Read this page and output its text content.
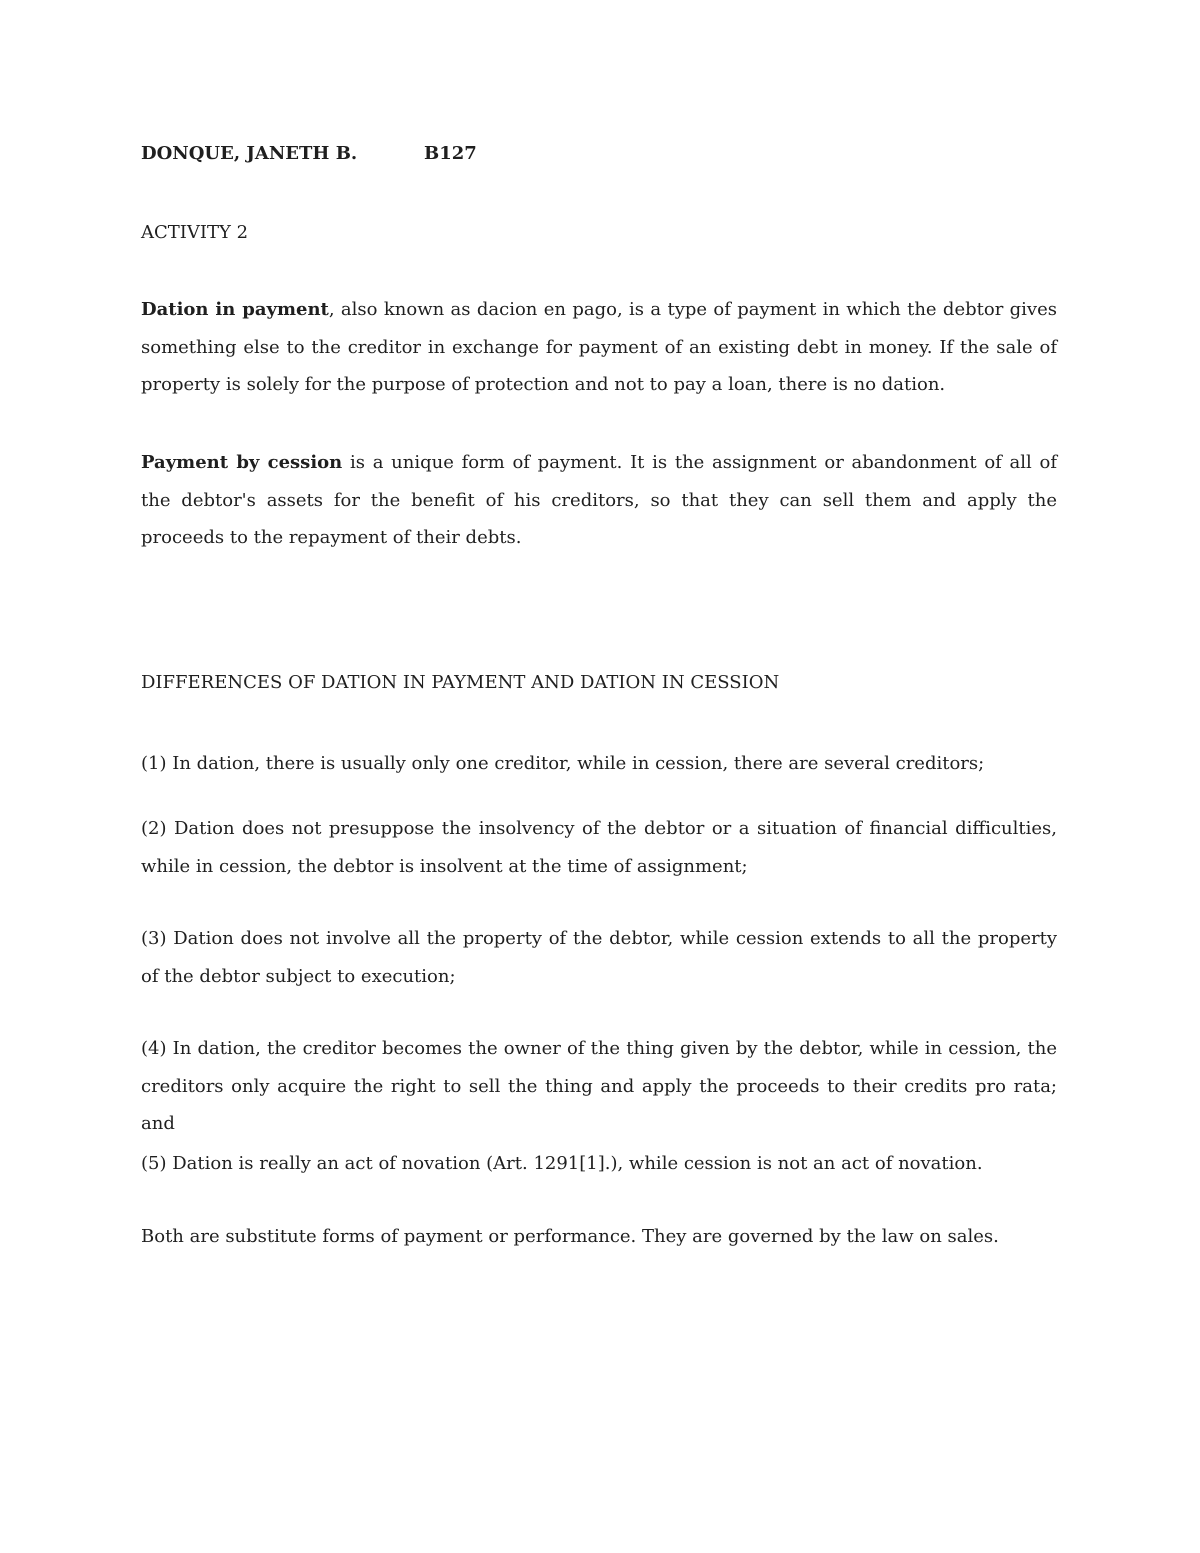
DONQUE, JANETH B.	B127
ACTIVITY 2

Dation in payment, also known as dacion en pago, is a type of payment in which the debtor gives something else to the creditor in exchange for payment of an existing debt in money. If the sale of property is solely for the purpose of protection and not to pay a loan, there is no dation.

Payment by cession is a unique form of payment. It is the assignment or abandonment of all of the debtor's assets for the benefit of his creditors, so that they can sell them and apply the proceeds to the repayment of their debts.

DIFFERENCES OF DATION IN PAYMENT AND DATION IN CESSION

(1) In dation, there is usually only one creditor, while in cession, there are several creditors;

(2) Dation does not presuppose the insolvency of the debtor or a situation of financial difficulties, while in cession, the debtor is insolvent at the time of assignment;

(3) Dation does not involve all the property of the debtor, while cession extends to all the property of the debtor subject to execution;

(4) In dation, the creditor becomes the owner of the thing given by the debtor, while in cession, the creditors only acquire the right to sell the thing and apply the proceeds to their credits pro rata; and

(5) Dation is really an act of novation (Art. 1291[1].), while cession is not an act of novation.

Both are substitute forms of payment or performance. They are governed by the law on sales.
